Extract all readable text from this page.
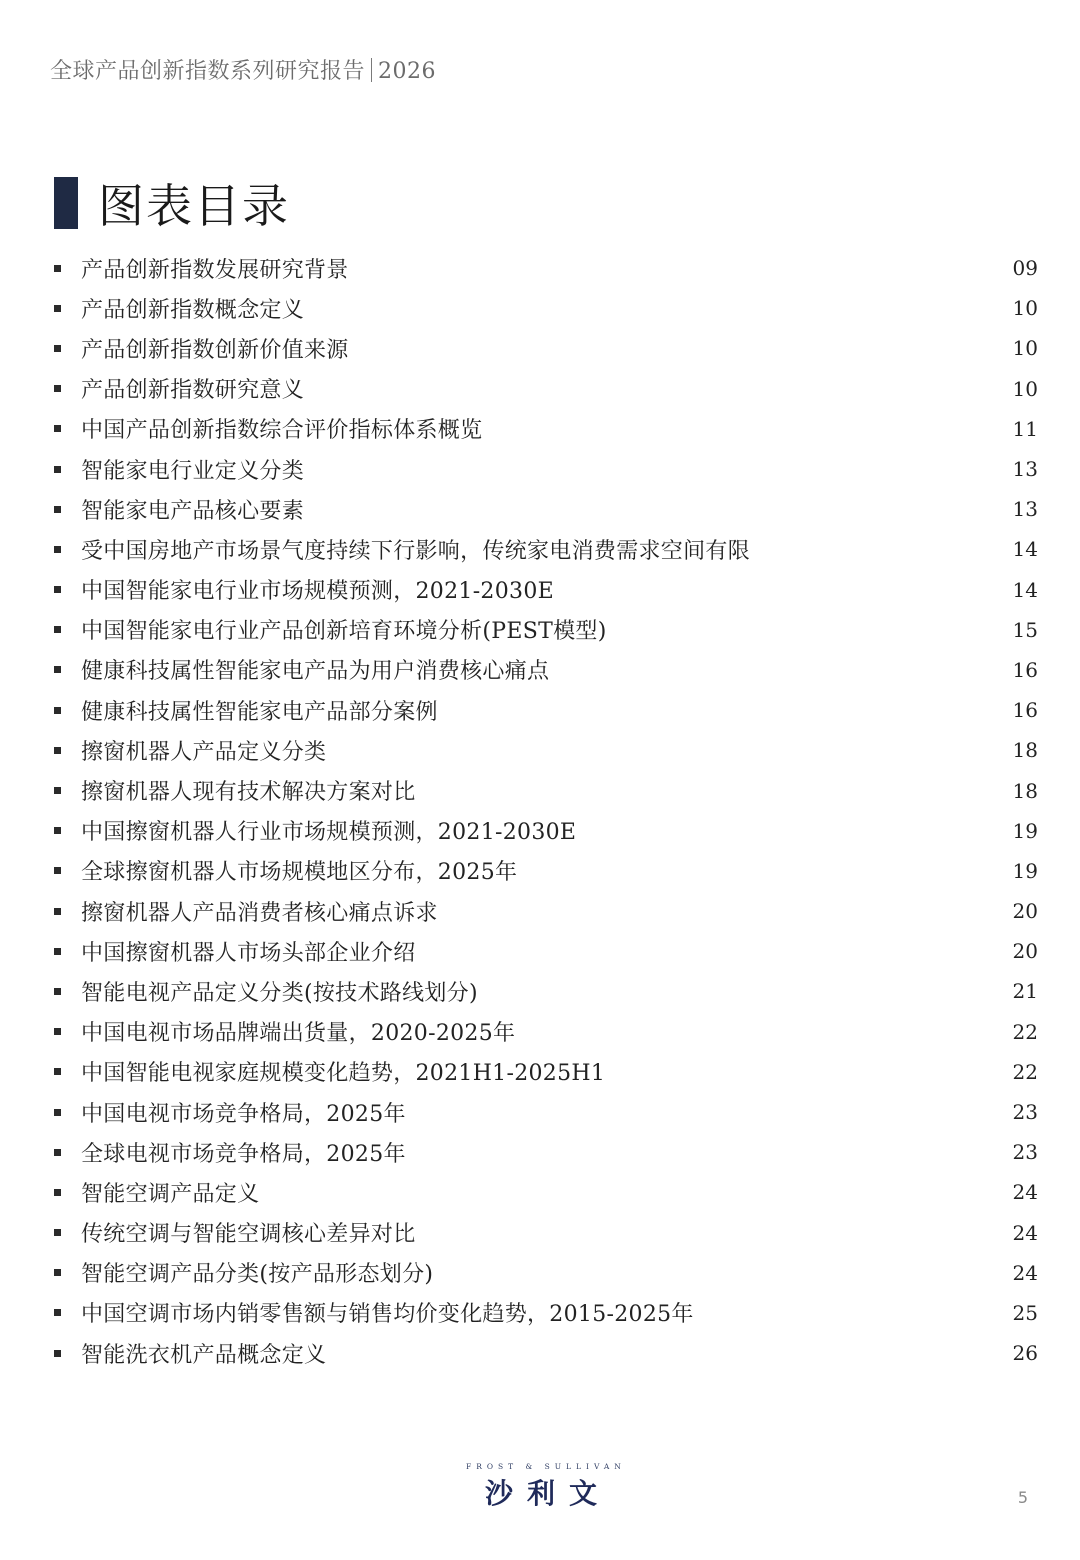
全球产品创新指数系列研究报告 2026
图表目录
产品创新指数发展研究背景	09
产品创新指数概念定义	10
产品创新指数创新价值来源	10
产品创新指数研究意义	10
中国产品创新指数综合评价指标体系概览	11
智能家电行业定义分类	13
智能家电产品核心要素	13
受中国房地产市场景气度持续下行影响，传统家电消费需求空间有限	14
中国智能家电行业市场规模预测，2021-2030E	14
中国智能家电行业产品创新培育环境分析(PEST模型)	15
健康科技属性智能家电产品为用户消费核心痛点	16
健康科技属性智能家电产品部分案例	16
擦窗机器人产品定义分类	18
擦窗机器人现有技术解决方案对比	18
中国擦窗机器人行业市场规模预测，2021-2030E	19
全球擦窗机器人市场规模地区分布，2025年	19
擦窗机器人产品消费者核心痛点诉求	20
中国擦窗机器人市场头部企业介绍	20
智能电视产品定义分类(按技术路线划分)	21
中国电视市场品牌端出货量，2020-2025年	22
中国智能电视家庭规模变化趋势，2021H1-2025H1	22
中国电视市场竞争格局，2025年	23
全球电视市场竞争格局，2025年	23
智能空调产品定义	24
传统空调与智能空调核心差异对比	24
智能空调产品分类(按产品形态划分)	24
中国空调市场内销零售额与销售均价变化趋势，2015-2025年	25
智能洗衣机产品概念定义	26
FROST & SULLIVAN
沙利文	5
